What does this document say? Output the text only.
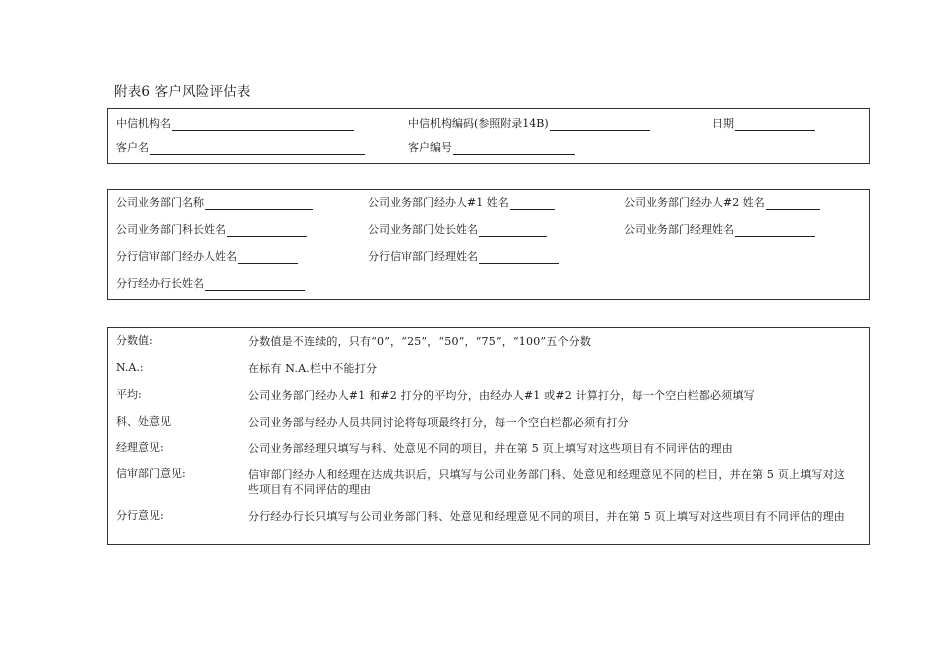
附表6 客户风险评估表
中信机构名	中信机构编码(参照附录14B)	日期
客户名	客户编号
公司业务部门名称	公司业务部门经办人#1 姓名	公司业务部门经办人#2 姓名
公司业务部门科长姓名	公司业务部门处长姓名	公司业务部门经理姓名
分行信审部门经办人姓名	分行信审部门经理姓名
分行经办行长姓名
分数值:	分数值是不连续的，只有“0”，“25”，“50”，“75”，“100”五个分数
N.A.:	在标有 N.A.栏中不能打分
平均:	公司业务部门经办人#1 和#2 打分的平均分，由经办人#1 或#2 计算打分，每一个空白栏都必须填写
科、处意见	公司业务部与经办人员共同讨论将每项最终打分，每一个空白栏都必须有打分
经理意见:	公司业务部经理只填写与科、处意见不同的项目，并在第 5 页上填写对这些项目有不同评估的理由
信审部门意见:	信审部门经办人和经理在达成共识后，只填写与公司业务部门科、处意见和经理意见不同的栏目，并在第 5 页上填写对这些项目有不同评估的理由
分行意见:	分行经办行长只填写与公司业务部门科、处意见和经理意见不同的项目，并在第 5 页上填写对这些项目有不同评估的理由
